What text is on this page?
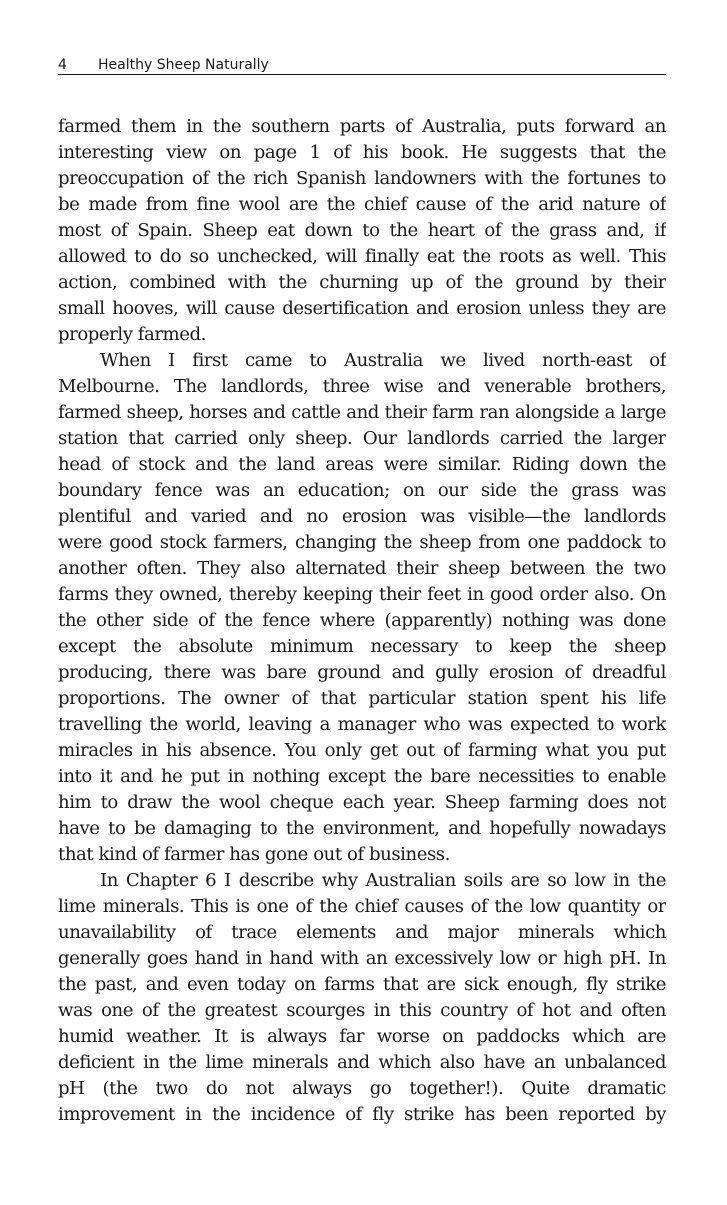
4 Healthy Sheep Naturally
farmed them in the southern parts of Australia, puts forward an
interesting view on page 1 of his book. He suggests that the
preoccupation of the rich Spanish landowners with the fortunes to
be made from fine wool are the chief cause of the arid nature of
most of Spain. Sheep eat down to the heart of the grass and, if
allowed to do so unchecked, will finally eat the roots as well. This
action, combined with the churning up of the ground by their
small hooves, will cause desertification and erosion unless they are
properly farmed.
When I first came to Australia we lived north-east of
Melbourne. The landlords, three wise and venerable brothers,
farmed sheep, horses and cattle and their farm ran alongside a large
station that carried only sheep. Our landlords carried the larger
head of stock and the land areas were similar. Riding down the
boundary fence was an education; on our side the grass was
plentiful and varied and no erosion was visible—the landlords
were good stock farmers, changing the sheep from one paddock to
another often. They also alternated their sheep between the two
farms they owned, thereby keeping their feet in good order also. On
the other side of the fence where (apparently) nothing was done
except the absolute minimum necessary to keep the sheep
producing, there was bare ground and gully erosion of dreadful
proportions. The owner of that particular station spent his life
travelling the world, leaving a manager who was expected to work
miracles in his absence. You only get out of farming what you put
into it and he put in nothing except the bare necessities to enable
him to draw the wool cheque each year. Sheep farming does not
have to be damaging to the environment, and hopefully nowadays
that kind of farmer has gone out of business.
In Chapter 6 I describe why Australian soils are so low in the
lime minerals. This is one of the chief causes of the low quantity or
unavailability of trace elements and major minerals which
generally goes hand in hand with an excessively low or high pH. In
the past, and even today on farms that are sick enough, fly strike
was one of the greatest scourges in this country of hot and often
humid weather. It is always far worse on paddocks which are
deficient in the lime minerals and which also have an unbalanced
pH (the two do not always go together!). Quite dramatic
improvement in the incidence of fly strike has been reported by
